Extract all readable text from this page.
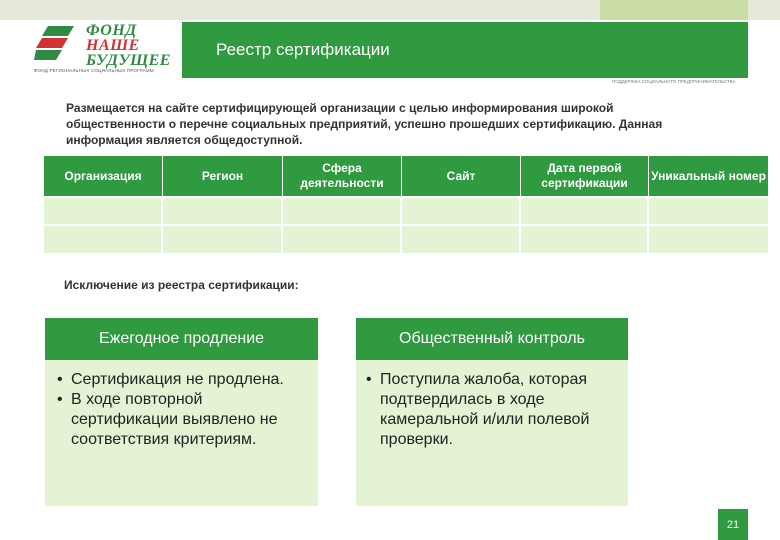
ФОНД
НАШЕ
БУДУЩЕЕ
ФОНД РЕГИОНАЛЬНЫХ СОЦИАЛЬНЫХ ПРОГРАММ
Реестр сертификации
ПОДДЕРЖКА СОЦИАЛЬНОГО ПРЕДПРИНИМАТЕЛЬСТВА
Размещается на сайте сертифицирующей организации с целью информирования широкой общественности о перечне социальных предприятий, успешно прошедших сертификацию. Данная информация является общедоступной.
Организация	Регион
Сфера деятельности
Сайт
Дата первой сертификации
Уникальный номер
Исключение из реестра сертификации:
Ежегодное продление
• Сертификация не продлена.
• В ходе повторной сертификации выявлено не соответствия критериям.
Общественный контроль
• Поступила жалоба, которая подтвердилась в ходе камеральной и/или полевой проверки.
21
